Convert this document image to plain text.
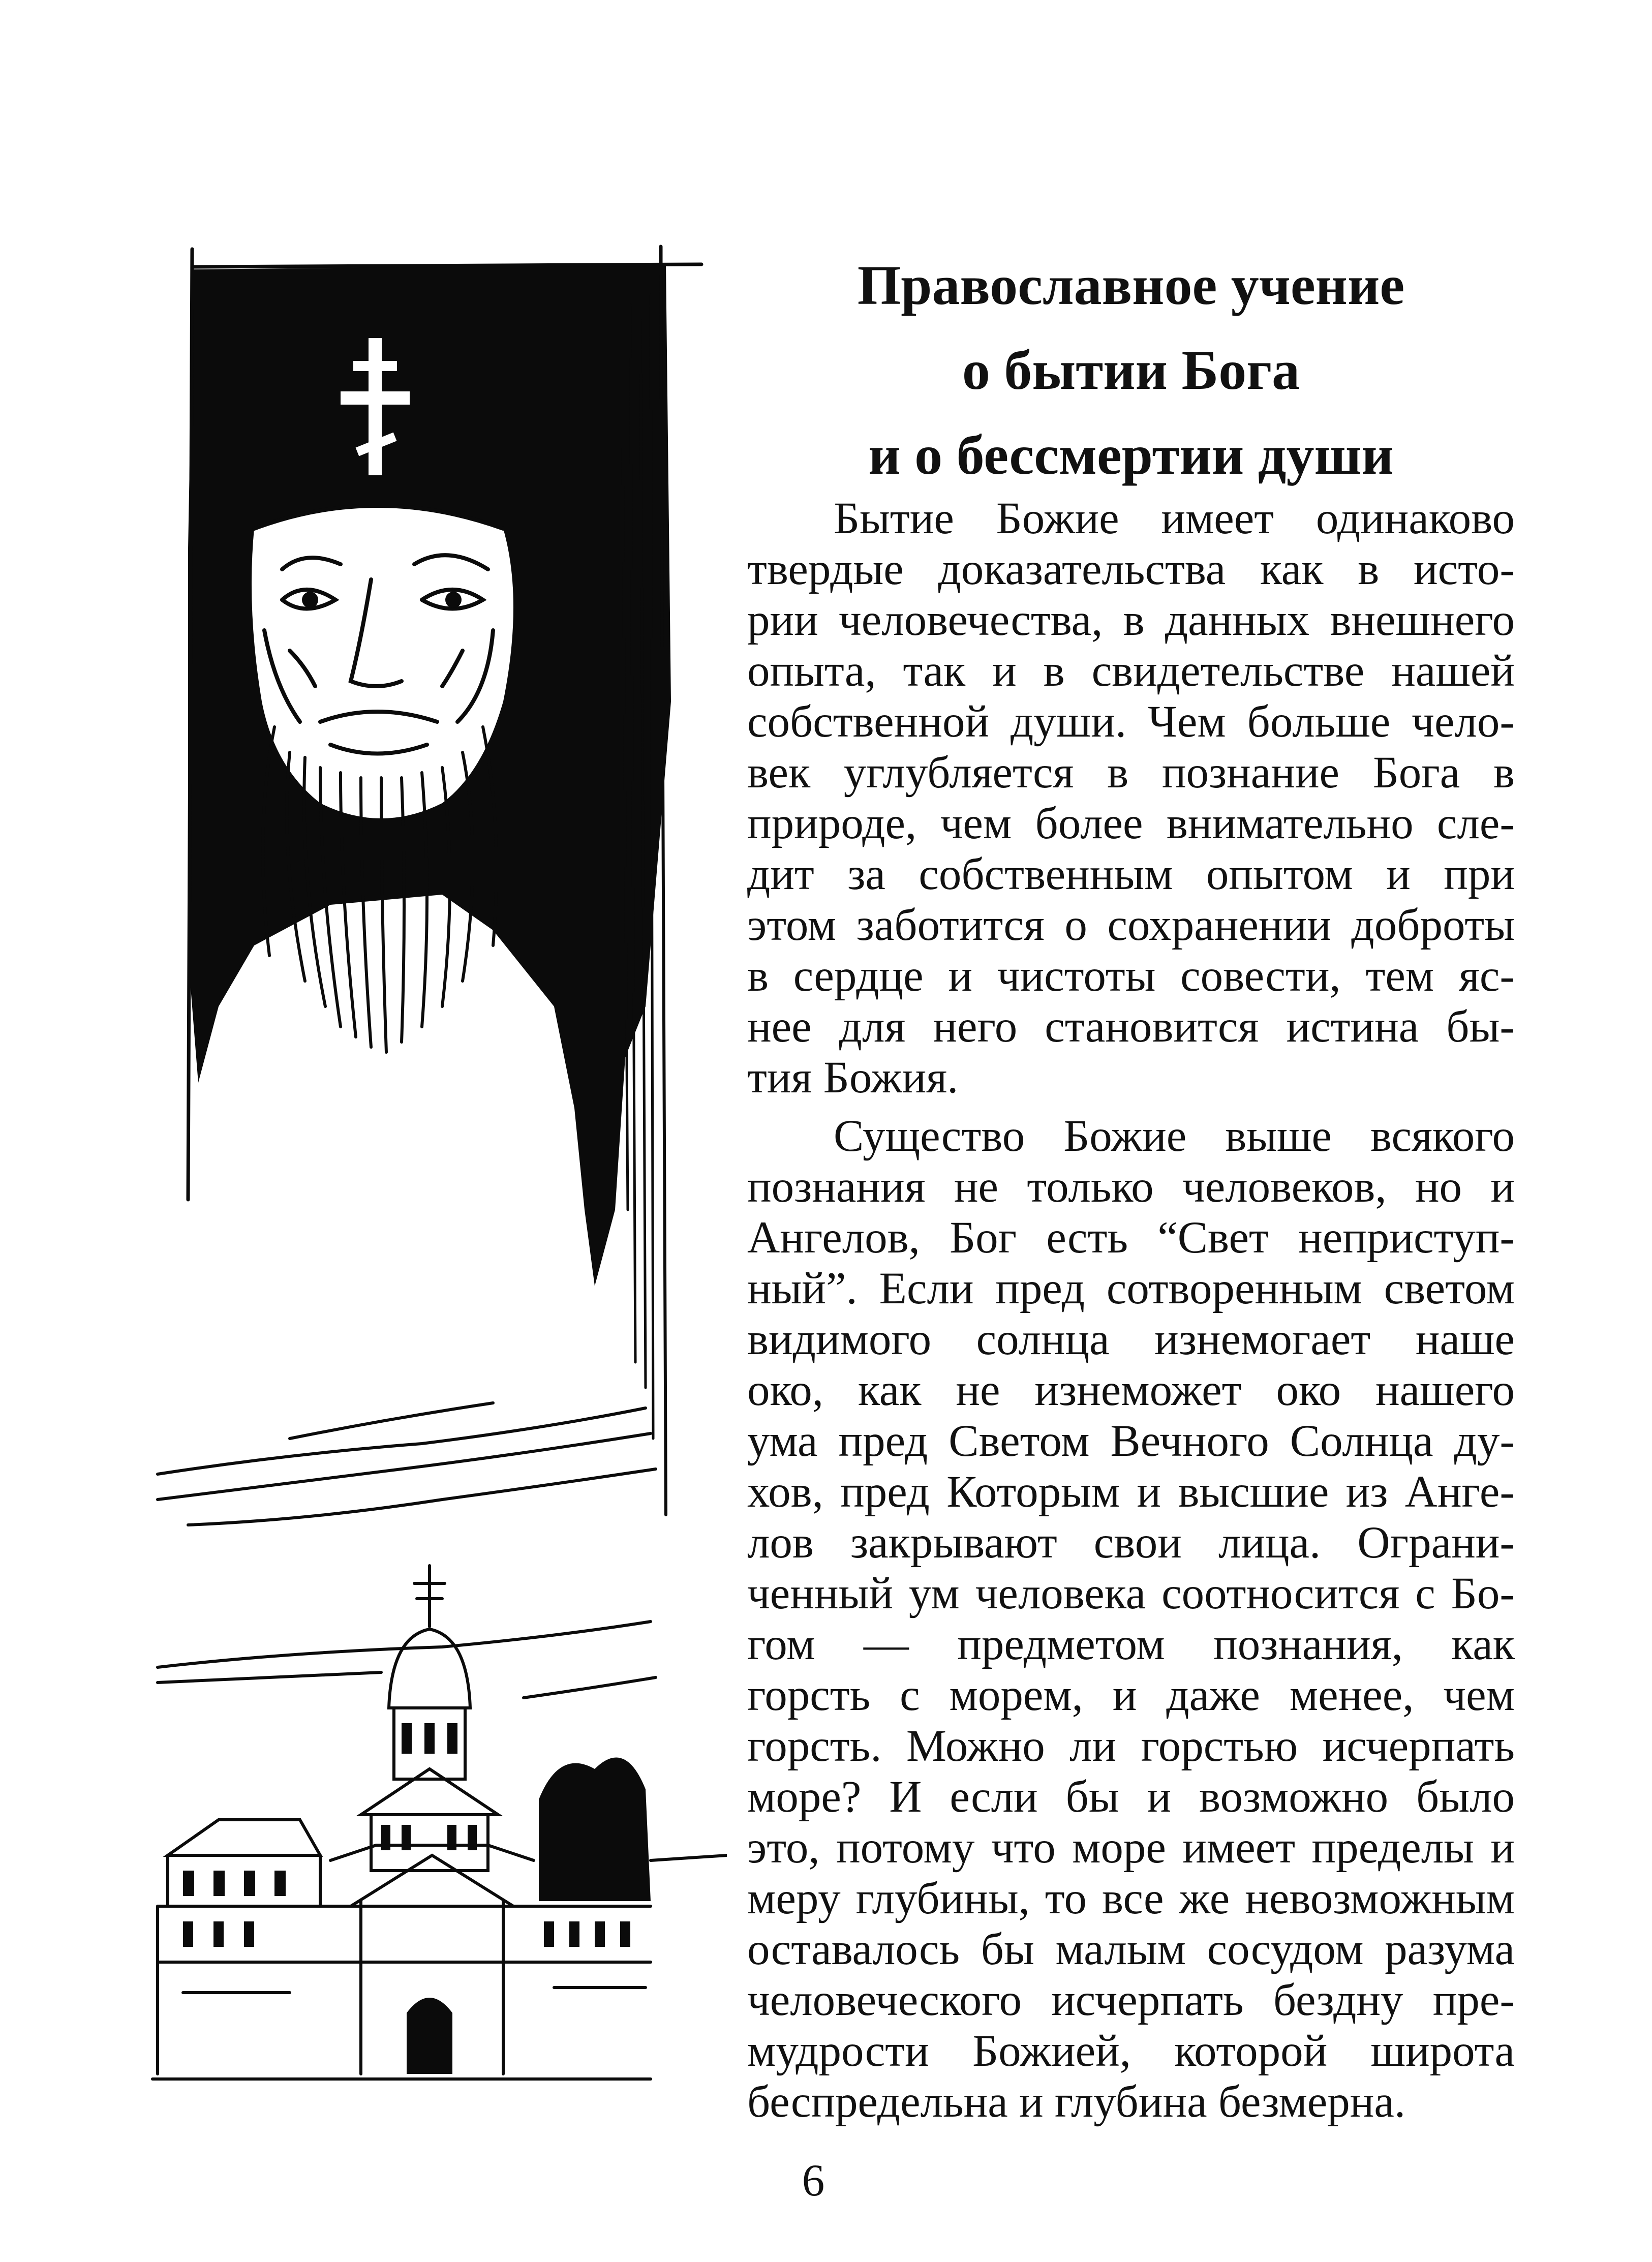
Православное учение
о бытии Бога
и о бессмертии души
Бытие Божие имеет одинаково
твердые доказательства как в исто-
рии человечества, в данных внешнего
опыта, так и в свидетельстве нашей
собственной души. Чем больше чело-
век углубляется в познание Бога в
природе, чем более внимательно сле-
дит за собственным опытом и при
этом заботится о сохранении доброты
в сердце и чистоты совести, тем яс-
нее для него становится истина бы-
тия Божия.
Существо Божие выше всякого
познания не только человеков, но и
Ангелов, Бог есть “Свет неприступ-
ный”. Если пред сотворенным светом
видимого солнца изнемогает наше
око, как не изнеможет око нашего
ума пред Светом Вечного Солнца ду-
хов, пред Которым и высшие из Анге-
лов закрывают свои лица. Ограни-
ченный ум человека соотносится с Бо-
гом — предметом познания, как
горсть с морем, и даже менее, чем
горсть. Можно ли горстью исчерпать
море? И если бы и возможно было
это, потому что море имеет пределы и
меру глубины, то все же невозможным
оставалось бы малым сосудом разума
человеческого исчерпать бездну пре-
мудрости Божией, которой широта
беспредельна и глубина безмерна.
6
